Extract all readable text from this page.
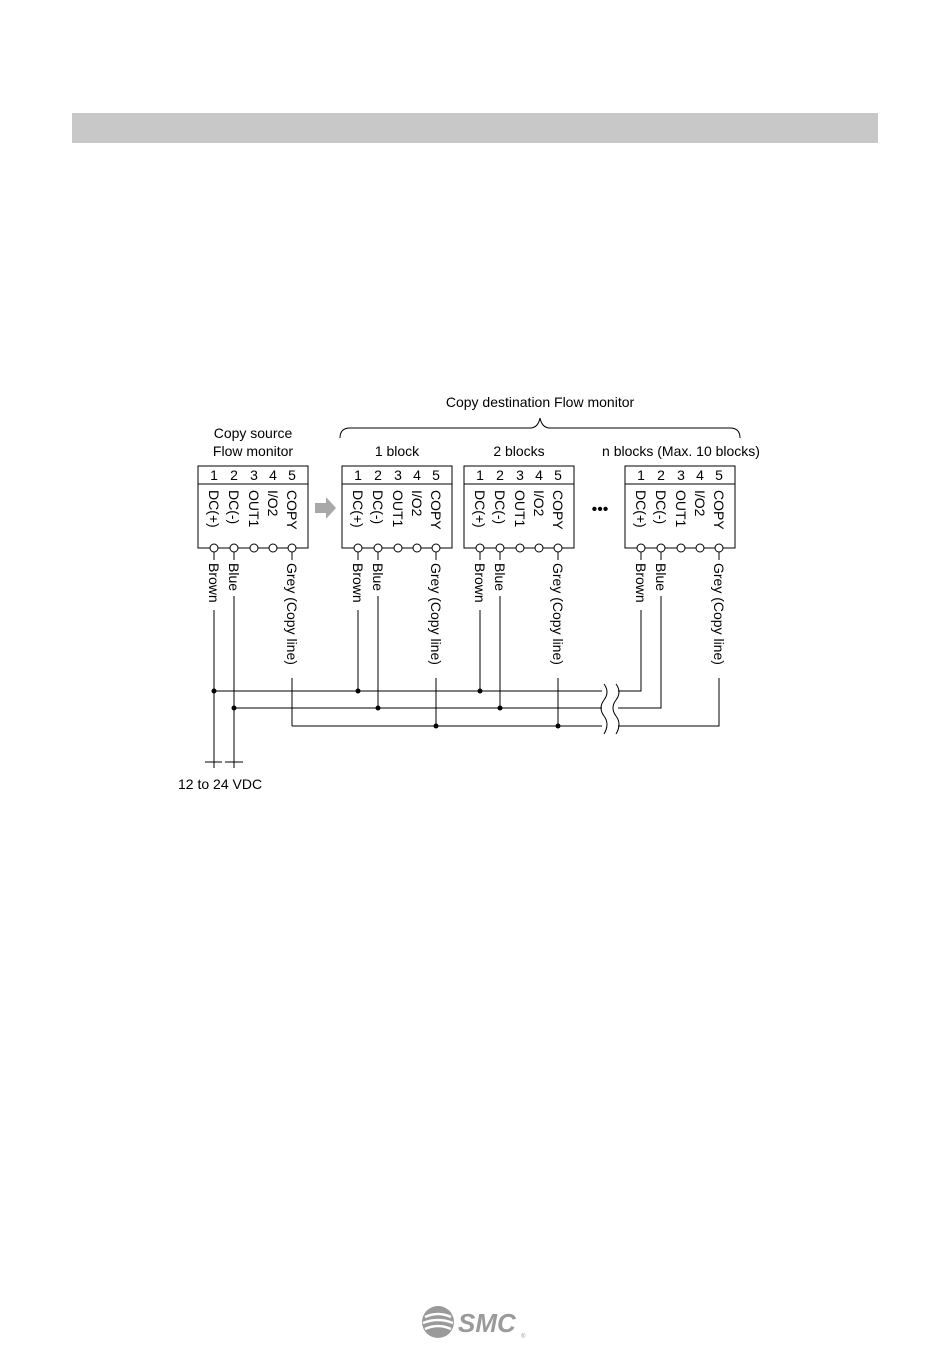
Copy destination Flow monitor
Copy source
Flow monitor	1 block	2 blocks	n blocks (Max. 10 blocks)
1 2 3 4 5	1 2 3 4 5	1 2 3 4 5	1 2 3 4 5
DC(+) DC(-) OUT1 I/O2 COPY	DC(+) DC(-) OUT1 I/O2 COPY DC(+) DC(-) OUT1 I/O2 COPY	DC(+) DC(-) OUT1 I/O2 COPY
Brown Blue	Grey (Copy line)	Brown Blue	Grey (Copy line) Brown Blue	Grey (Copy line)	Brown Blue	Grey (Copy line)
•••
12 to 24 VDC
SMC ®
